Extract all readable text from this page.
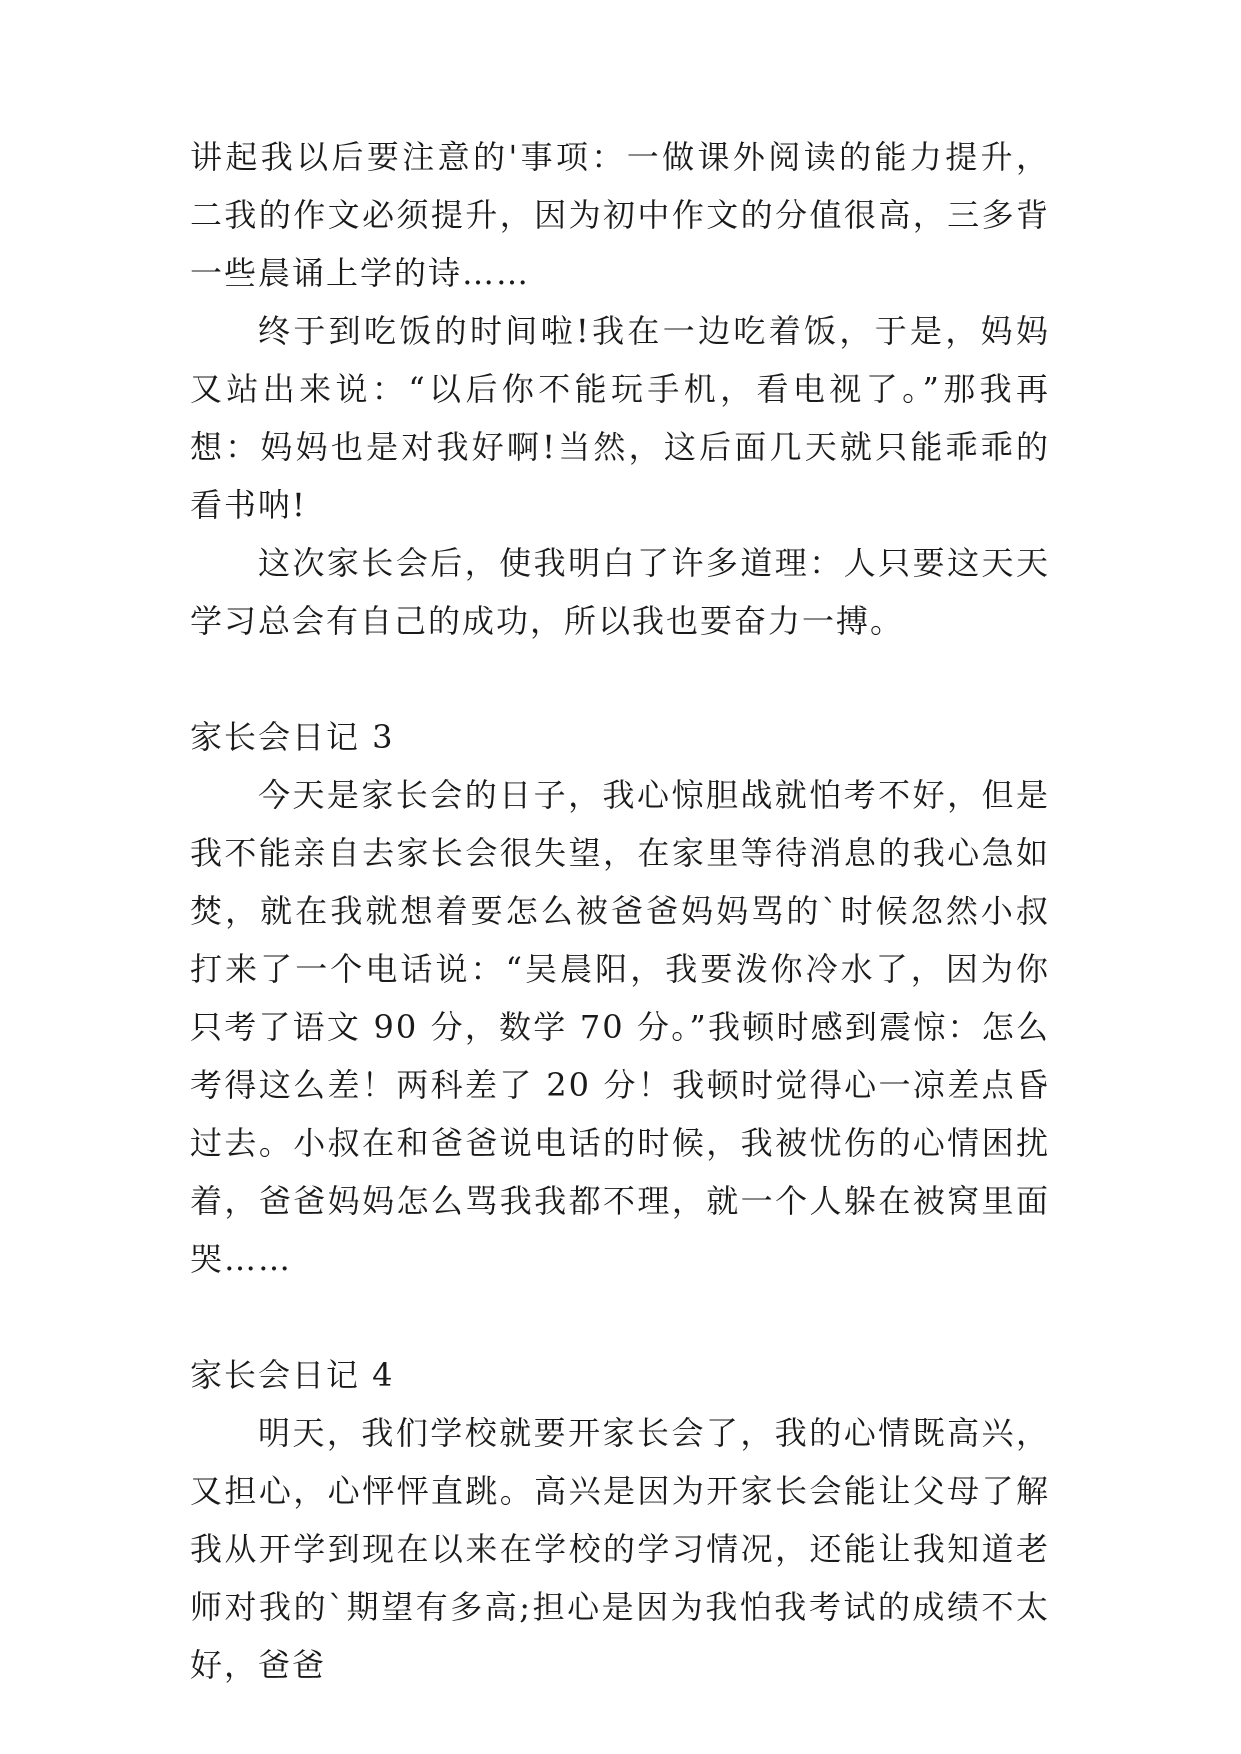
讲起我以后要注意的'事项：一做课外阅读的能力提升，二我的作文必须提升，因为初中作文的分值很高，三多背一些晨诵上学的诗……

终于到吃饭的时间啦!我在一边吃着饭，于是，妈妈又站出来说：“以后你不能玩手机，看电视了。”那我再想：妈妈也是对我好啊!当然，这后面几天就只能乖乖的看书呐!

这次家长会后，使我明白了许多道理：人只要这天天学习总会有自己的成功，所以我也要奋力一搏。

家长会日记 3

今天是家长会的日子，我心惊胆战就怕考不好，但是我不能亲自去家长会很失望，在家里等待消息的我心急如焚，就在我就想着要怎么被爸爸妈妈骂的`时候忽然小叔打来了一个电话说：“吴晨阳，我要泼你冷水了，因为你只考了语文 90 分，数学 70 分。”我顿时感到震惊：怎么考得这么差！两科差了 20 分！我顿时觉得心一凉差点昏过去。小叔在和爸爸说电话的时候，我被忧伤的心情困扰着，爸爸妈妈怎么骂我我都不理，就一个人躲在被窝里面哭……

家长会日记 4

明天，我们学校就要开家长会了，我的心情既高兴，又担心，心怦怦直跳。高兴是因为开家长会能让父母了解我从开学到现在以来在学校的学习情况，还能让我知道老师对我的`期望有多高;担心是因为我怕我考试的成绩不太好，爸爸
